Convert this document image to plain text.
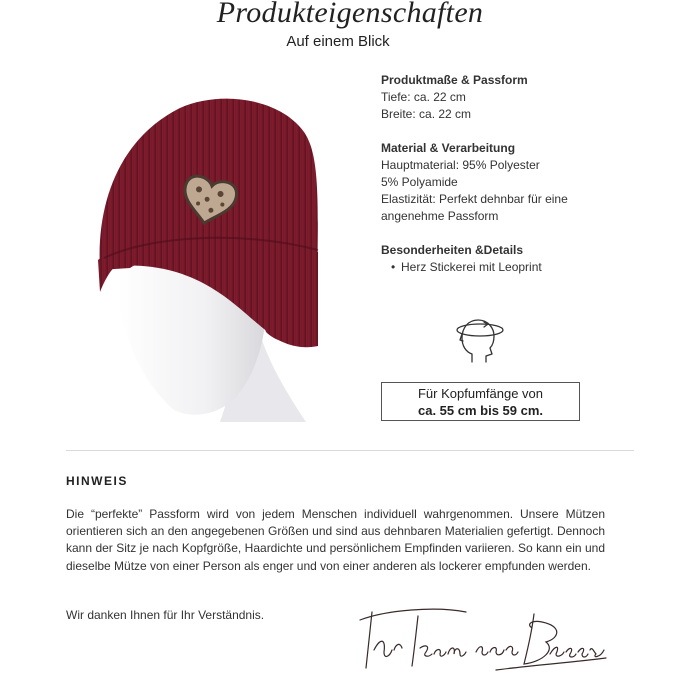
Produkteigenschaften
Auf einem Blick
Produktmaße & Passform
Tiefe: ca. 22 cm
Breite: ca. 22 cm
Material & Verarbeitung
Hauptmaterial: 95% Polyester
5% Polyamide
Elastizität: Perfekt dehnbar für eine
angenehme Passform
Besonderheiten &Details
• Herz Stickerei mit Leoprint
Für Kopfumfänge von
ca. 55 cm bis 59 cm.
HINWEIS
Die “perfekte” Passform wird von jedem Menschen individuell wahrgenommen. Unsere Mützen orientieren sich an den angegebenen Größen und sind aus dehnbaren Materialien gefertigt. Dennoch kann der Sitz je nach Kopfgröße, Haardichte und persönlichem Empfinden variieren. So kann ein und dieselbe Mütze von einer Person als enger und von einer anderen als lockerer empfunden werden.
Wir danken Ihnen für Ihr Verständnis.
